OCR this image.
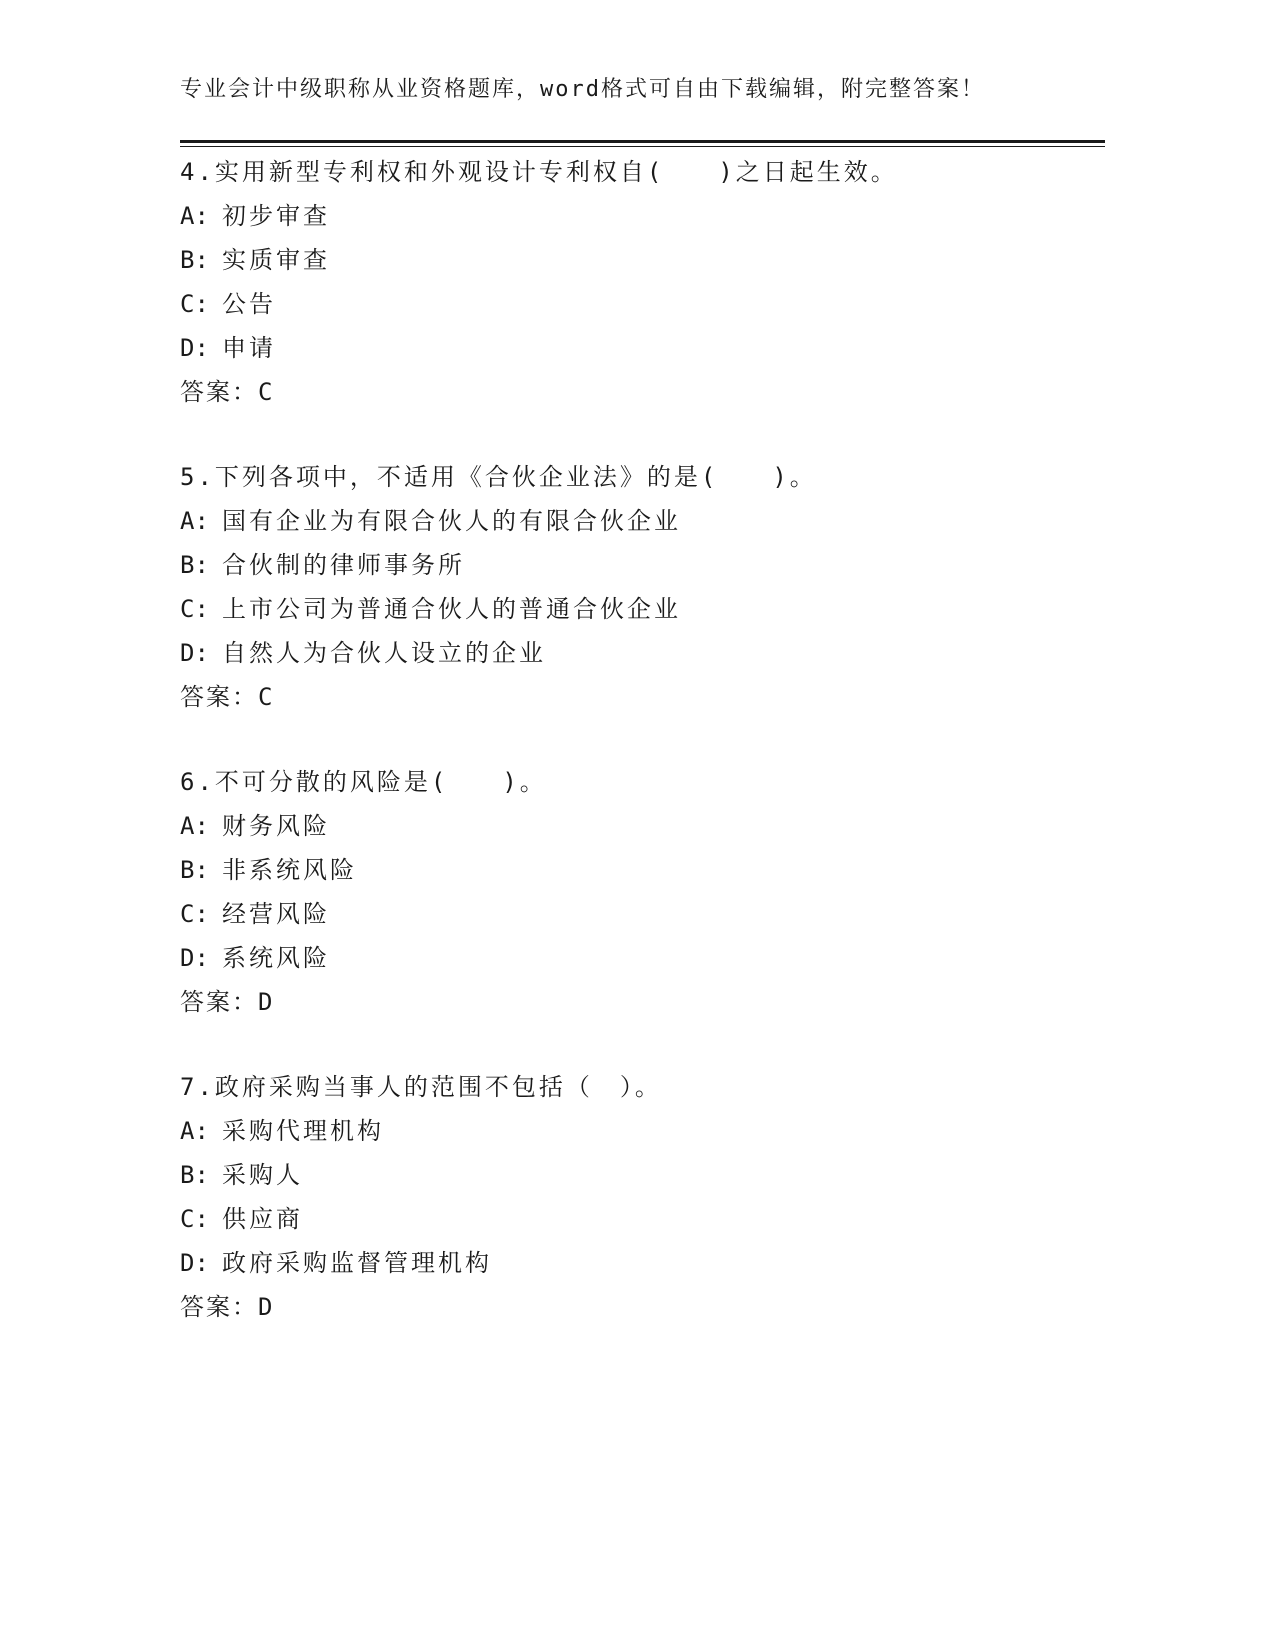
专业会计中级职称从业资格题库，word格式可自由下载编辑，附完整答案！
4.实用新型专利权和外观设计专利权自(　　)之日起生效。
A: 初步审查
B: 实质审查
C: 公告
D: 申请
答案：C
5.下列各项中，不适用《合伙企业法》的是(　　)。
A: 国有企业为有限合伙人的有限合伙企业
B: 合伙制的律师事务所
C: 上市公司为普通合伙人的普通合伙企业
D: 自然人为合伙人设立的企业
答案：C
6.不可分散的风险是(　　)。
A: 财务风险
B: 非系统风险
C: 经营风险
D: 系统风险
答案：D
7.政府采购当事人的范围不包括（　）。
A: 采购代理机构
B: 采购人
C: 供应商
D: 政府采购监督管理机构
答案：D
